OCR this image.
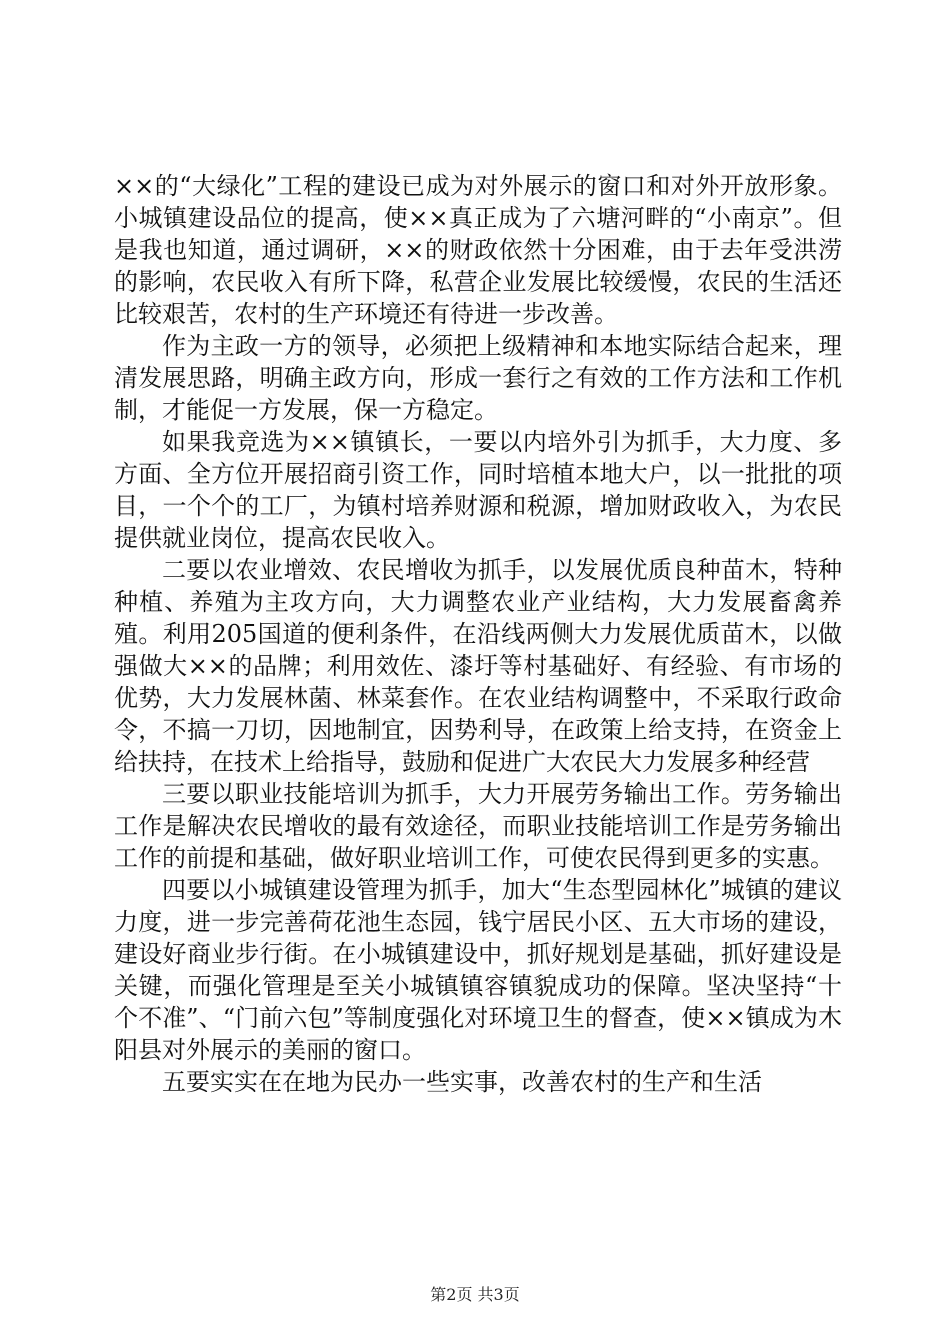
××的“大绿化”工程的建设已成为对外展示的窗口和对外开放形象。小城镇建设品位的提高，使××真正成为了六塘河畔的“小南京”。但是我也知道，通过调研，××的财政依然十分困难，由于去年受洪涝的影响，农民收入有所下降，私营企业发展比较缓慢，农民的生活还比较艰苦，农村的生产环境还有待进一步改善。

作为主政一方的领导，必须把上级精神和本地实际结合起来，理清发展思路，明确主政方向，形成一套行之有效的工作方法和工作机制，才能促一方发展，保一方稳定。

如果我竞选为××镇镇长，一要以内培外引为抓手，大力度、多方面、全方位开展招商引资工作，同时培植本地大户，以一批批的项目，一个个的工厂，为镇村培养财源和税源，增加财政收入，为农民提供就业岗位，提高农民收入。

二要以农业增效、农民增收为抓手，以发展优质良种苗木，特种种植、养殖为主攻方向，大力调整农业产业结构，大力发展畜禽养殖。利用205国道的便利条件，在沿线两侧大力发展优质苗木，以做强做大××的品牌；利用效佐、漆圩等村基础好、有经验、有市场的优势，大力发展林菌、林菜套作。在农业结构调整中，不采取行政命令，不搞一刀切，因地制宜，因势利导，在政策上给支持，在资金上给扶持，在技术上给指导，鼓励和促进广大农民大力发展多种经营

三要以职业技能培训为抓手，大力开展劳务输出工作。劳务输出工作是解决农民增收的最有效途径，而职业技能培训工作是劳务输出工作的前提和基础，做好职业培训工作，可使农民得到更多的实惠。

四要以小城镇建设管理为抓手，加大“生态型园林化”城镇的建议力度，进一步完善荷花池生态园，钱宁居民小区、五大市场的建设，建设好商业步行街。在小城镇建设中，抓好规划是基础，抓好建设是关键，而强化管理是至关小城镇镇容镇貌成功的保障。坚决坚持“十个不准”、“门前六包”等制度强化对环境卫生的督查，使××镇成为木阳县对外展示的美丽的窗口。

五要实实在在地为民办一些实事，改善农村的生产和生活

第2页 共3页
